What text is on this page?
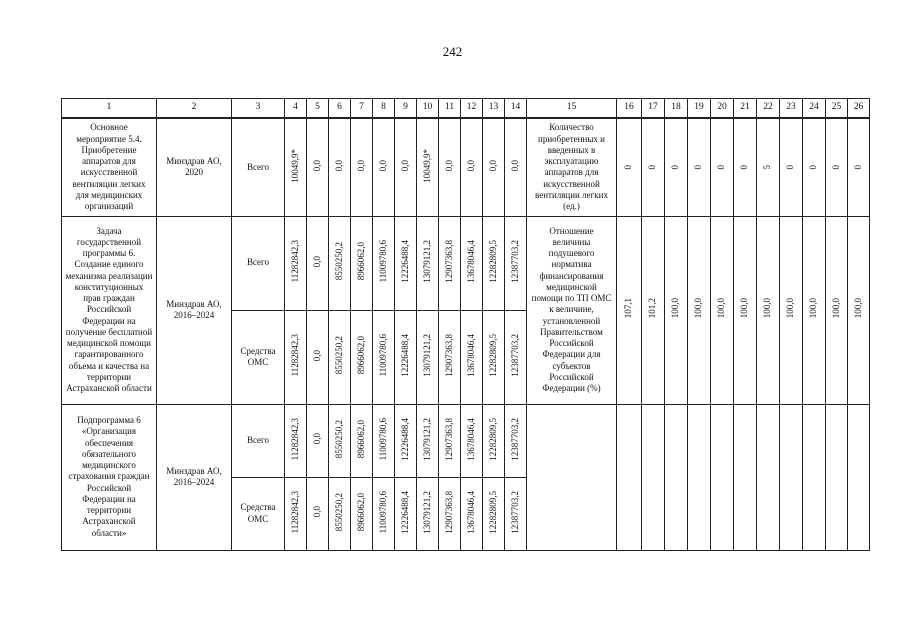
242
1	2	3	4	5	6	7	8	9	10	11	12	13	14	15	16	17	18	19	20	21	22	23	24	25	26
Основное мероприятие 5.4. Приобретение аппаратов для искусственной вентиляции легких для медицинских организаций	Минздрав АО, 2020	Всего	10049,9*	0,0	0,0	0,0	0,0	0,0	10049,9*	0,0	0,0	0,0	0,0	Количество приобретенных и введенных в эксплуатацию аппаратов для искусственной вентиляции легких (ед.)	0	0	0	0	0	0	5	0	0	0	0
Задача государственной программы 6. Создание единого механизма реализации конституционных прав граждан Российской Федерации на получение бесплатной медицинской помощи гарантированного объема и качества на территории Астраханской области	Минздрав АО, 2016–2024	Всего	11282842,3	0,0	8550250,2	8966062,0	11009780,6	12226488,4	13079121,2	12907363,8	13678046,4	12282809,5	12387703,2	Отношение величины подушевого норматива финансирования медицинской помощи по ТП ОМС к величине, установленной Правительством Российской Федерации для субъектов Российской Федерации (%)	107,1	101,2	100,0	100,0	100,0	100,0	100,0	100,0	100,0	100,0	100,0
		Средства ОМС	11282842,3	0,0	8550250,2	8966062,0	11009780,6	12226488,4	13079121,2	12907363,8	13678046,4	12282809,5	12387703,2												
Подпрограмма 6 «Организация обеспечения обязательного медицинского страхования граждан Российской Федерации на территории Астраханской области»	Минздрав АО, 2016–2024	Всего	11282842,3	0,0	8550250,2	8966062,0	11009780,6	12226488,4	13079121,2	12907363,8	13678046,4	12282809,5	12387703,2												
		Средства ОМС	11282842,3	0,0	8550250,2	8966062,0	11009780,6	12226488,4	13079121,2	12907363,8	13678046,4	12282809,5	12387703,2												
